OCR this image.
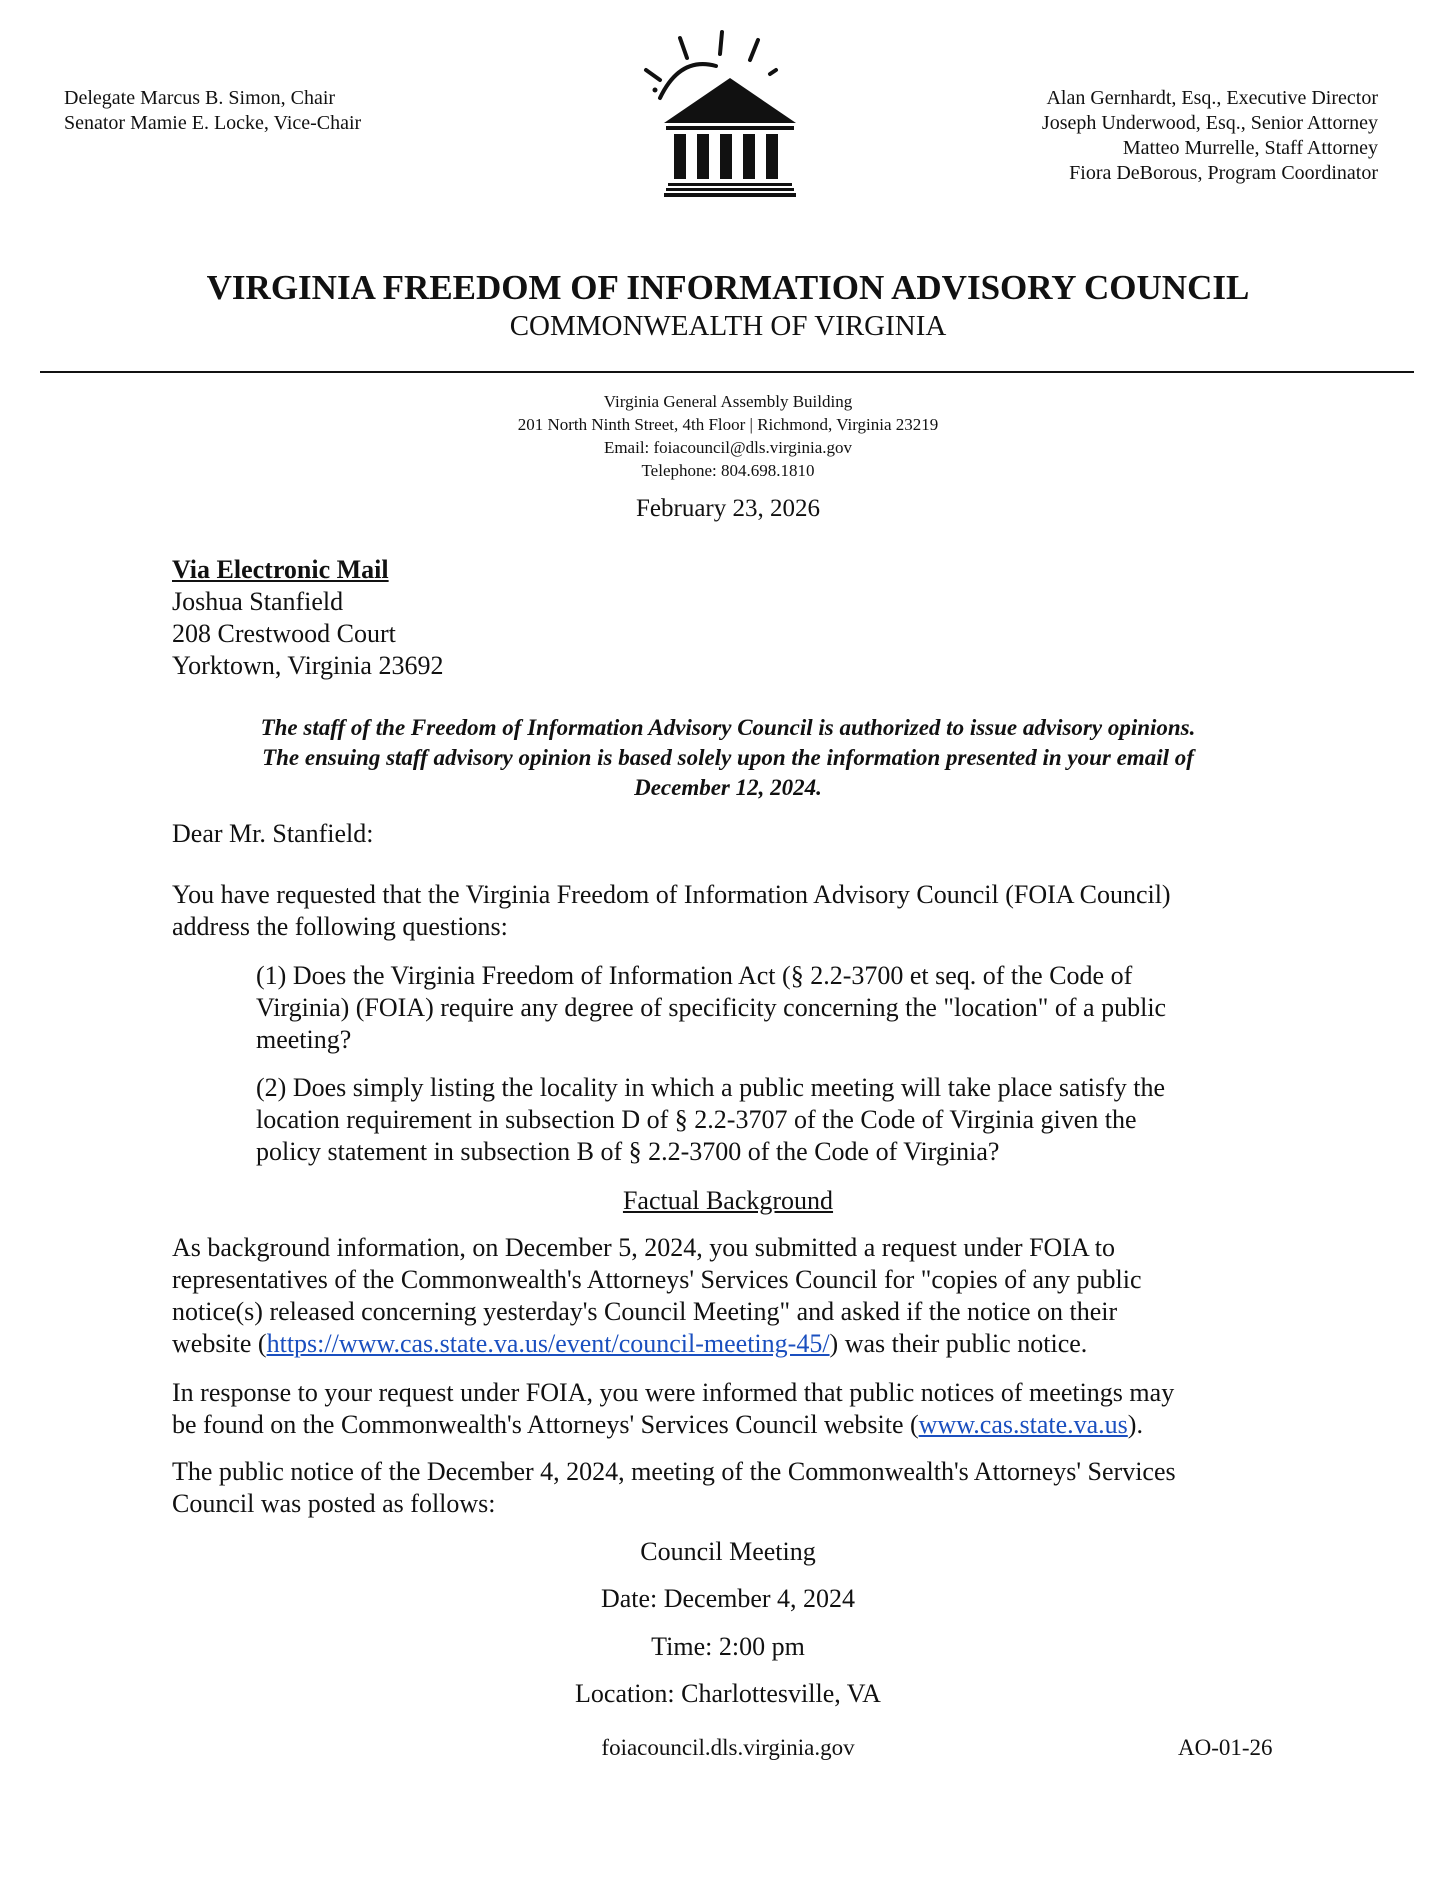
Delegate Marcus B. Simon, Chair
Senator Mamie E. Locke, Vice-Chair
Alan Gernhardt, Esq., Executive Director
Joseph Underwood, Esq., Senior Attorney
Matteo Murrelle, Staff Attorney
Fiora DeBorous, Program Coordinator
VIRGINIA FREEDOM OF INFORMATION ADVISORY COUNCIL
COMMONWEALTH OF VIRGINIA
Virginia General Assembly Building
201 North Ninth Street, 4th Floor | Richmond, Virginia 23219
Email: foiacouncil@dls.virginia.gov
Telephone: 804.698.1810
February 23, 2026
Via Electronic Mail
Joshua Stanfield
208 Crestwood Court
Yorktown, Virginia 23692
The staff of the Freedom of Information Advisory Council is authorized to issue advisory opinions.
The ensuing staff advisory opinion is based solely upon the information presented in your email of
December 12, 2024.
Dear Mr. Stanfield:
You have requested that the Virginia Freedom of Information Advisory Council (FOIA Council)
address the following questions:
(1) Does the Virginia Freedom of Information Act (§ 2.2-3700 et seq. of the Code of
Virginia) (FOIA) require any degree of specificity concerning the "location" of a public
meeting?
(2) Does simply listing the locality in which a public meeting will take place satisfy the
location requirement in subsection D of § 2.2-3707 of the Code of Virginia given the
policy statement in subsection B of § 2.2-3700 of the Code of Virginia?
Factual Background
As background information, on December 5, 2024, you submitted a request under FOIA to
representatives of the Commonwealth's Attorneys' Services Council for "copies of any public
notice(s) released concerning yesterday's Council Meeting" and asked if the notice on their
website (https://www.cas.state.va.us/event/council-meeting-45/) was their public notice.
In response to your request under FOIA, you were informed that public notices of meetings may
be found on the Commonwealth's Attorneys' Services Council website (www.cas.state.va.us).
The public notice of the December 4, 2024, meeting of the Commonwealth's Attorneys' Services
Council was posted as follows:
Council Meeting
Date: December 4, 2024
Time: 2:00 pm
Location: Charlottesville, VA
foiacouncil.dls.virginia.gov	AO-01-26
